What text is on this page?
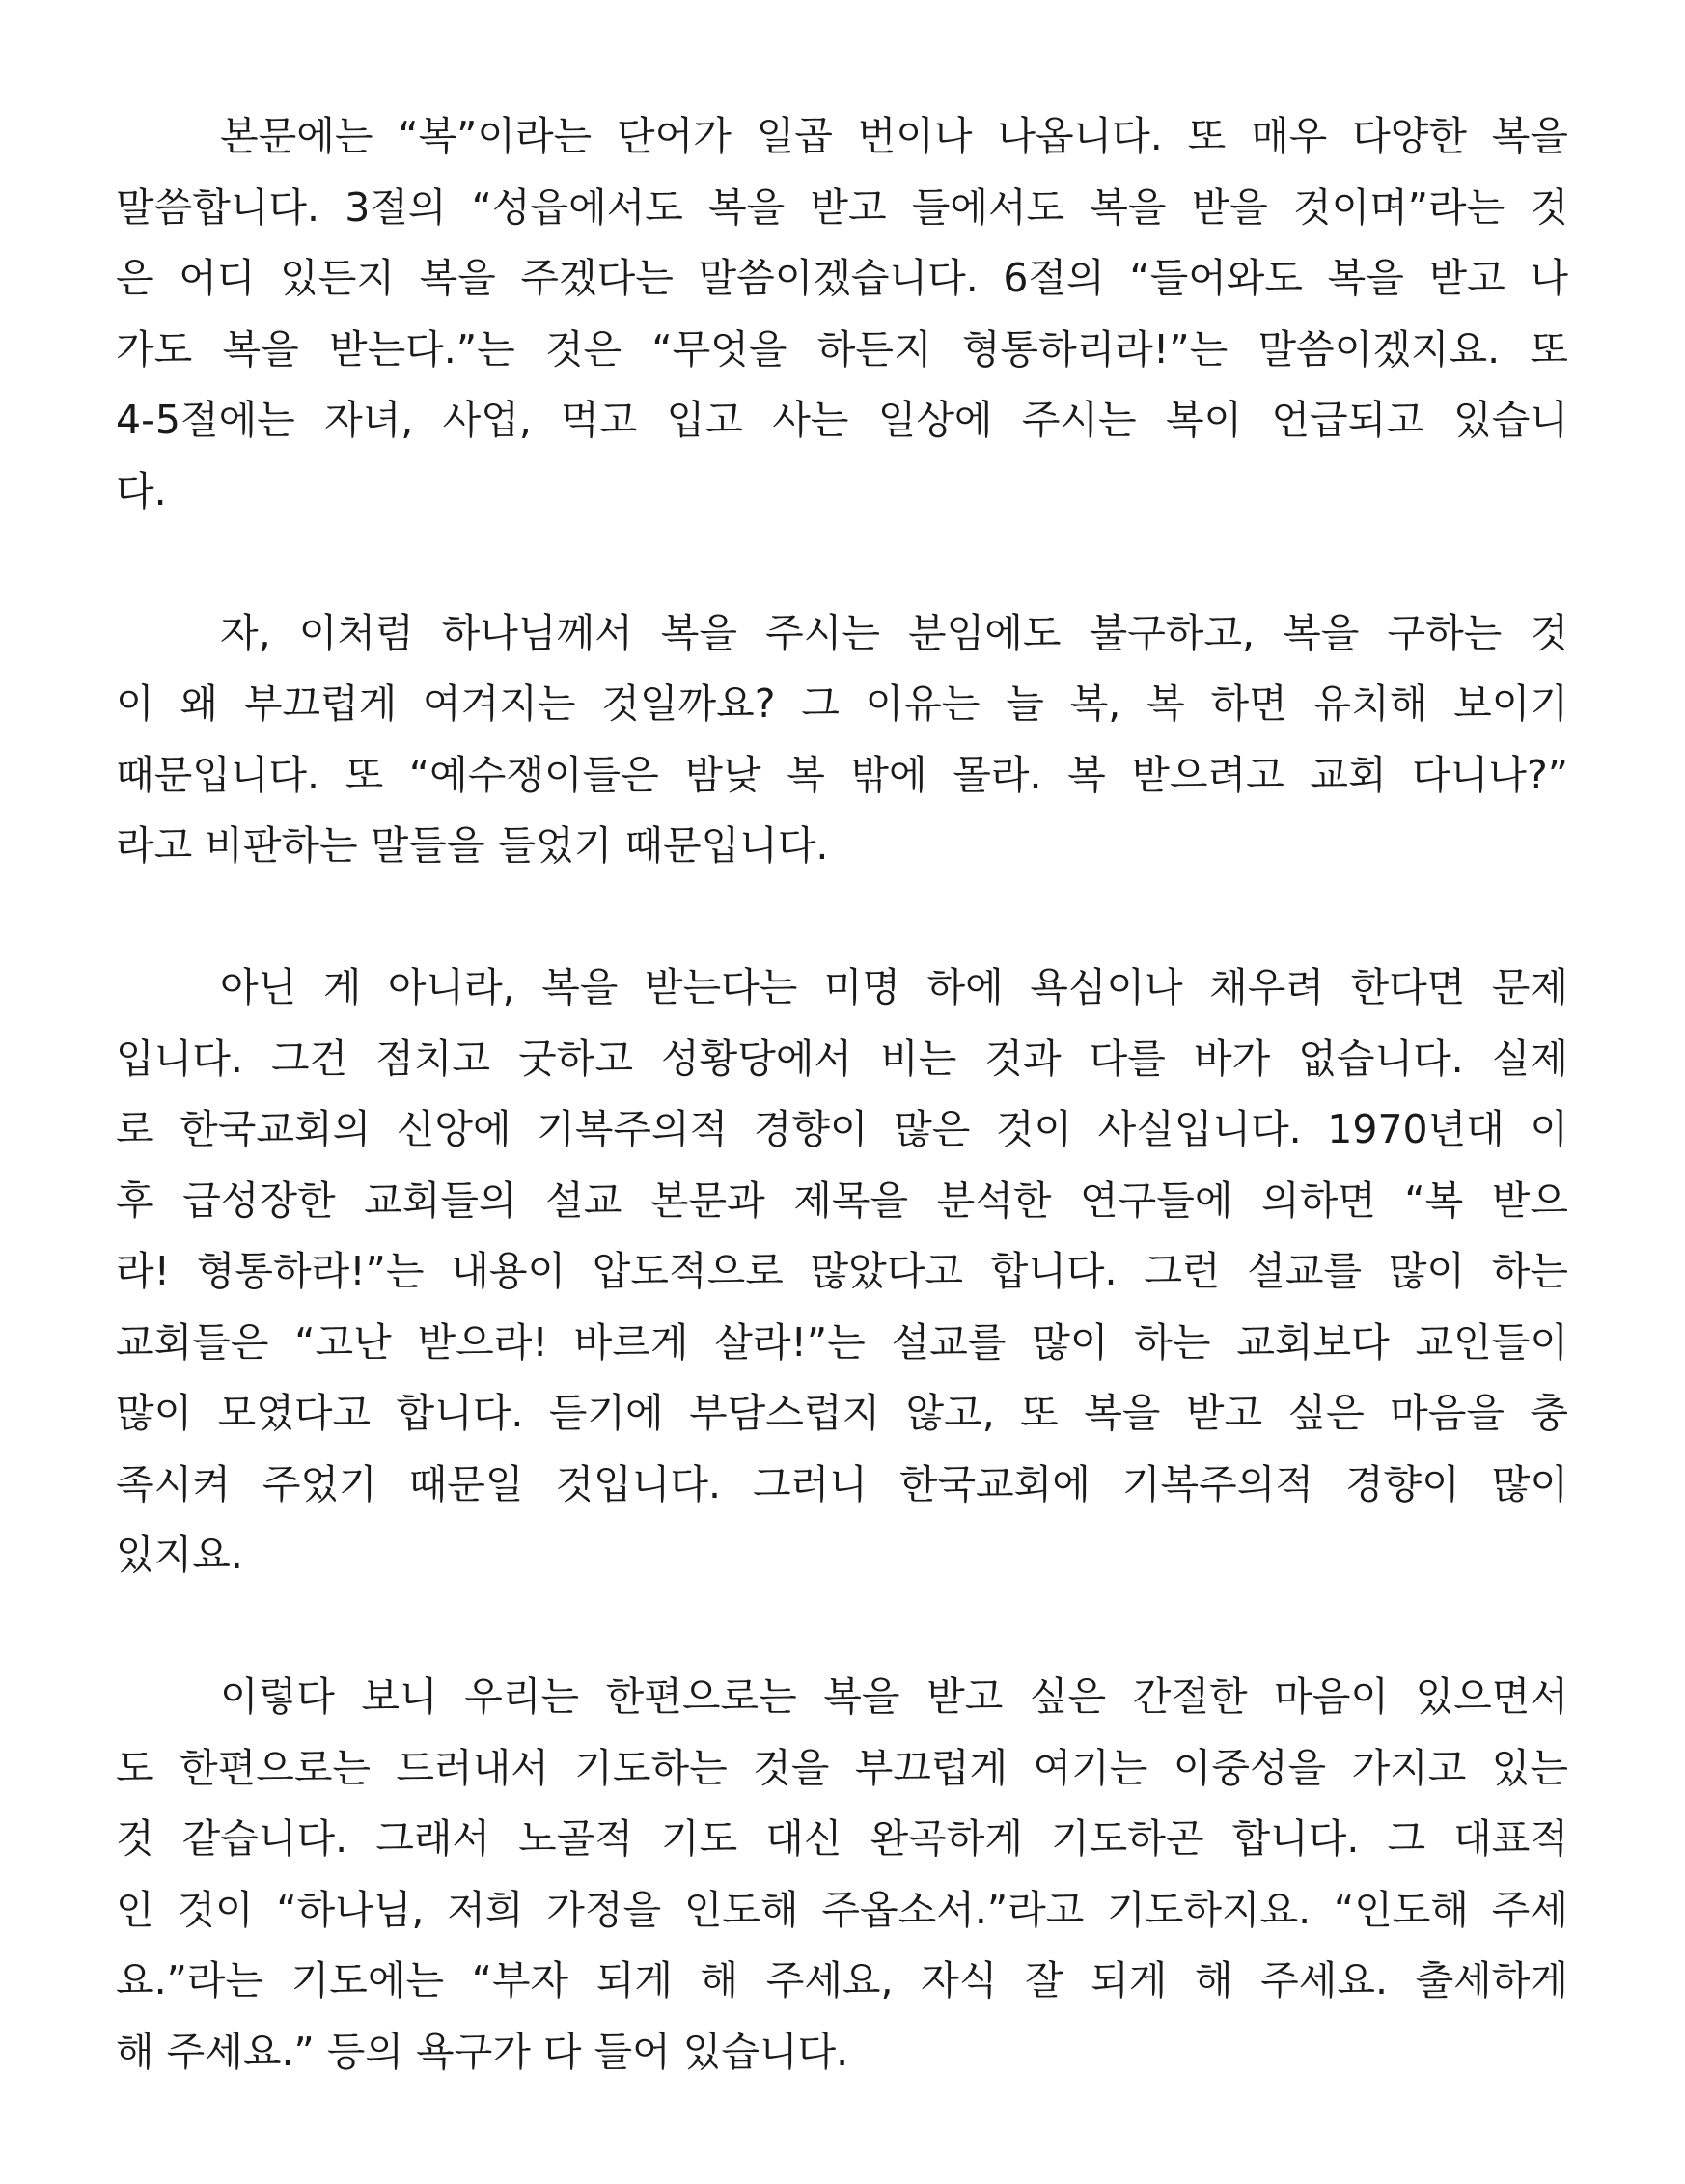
본문에는 “복”이라는 단어가 일곱 번이나 나옵니다. 또 매우 다양한 복을
말씀합니다. 3절의 “성읍에서도 복을 받고 들에서도 복을 받을 것이며”라는 것
은 어디 있든지 복을 주겠다는 말씀이겠습니다. 6절의 “들어와도 복을 받고 나
가도 복을 받는다.”는 것은 “무엇을 하든지 형통하리라!”는 말씀이겠지요. 또
4-5절에는 자녀, 사업, 먹고 입고 사는 일상에 주시는 복이 언급되고 있습니
다.
자, 이처럼 하나님께서 복을 주시는 분임에도 불구하고, 복을 구하는 것
이 왜 부끄럽게 여겨지는 것일까요? 그 이유는 늘 복, 복 하면 유치해 보이기
때문입니다. 또 “예수쟁이들은 밤낮 복 밖에 몰라. 복 받으려고 교회 다니나?”
라고 비판하는 말들을 들었기 때문입니다.
아닌 게 아니라, 복을 받는다는 미명 하에 욕심이나 채우려 한다면 문제
입니다. 그건 점치고 굿하고 성황당에서 비는 것과 다를 바가 없습니다. 실제
로 한국교회의 신앙에 기복주의적 경향이 많은 것이 사실입니다. 1970년대 이
후 급성장한 교회들의 설교 본문과 제목을 분석한 연구들에 의하면 “복 받으
라! 형통하라!”는 내용이 압도적으로 많았다고 합니다. 그런 설교를 많이 하는
교회들은 “고난 받으라! 바르게 살라!”는 설교를 많이 하는 교회보다 교인들이
많이 모였다고 합니다. 듣기에 부담스럽지 않고, 또 복을 받고 싶은 마음을 충
족시켜 주었기 때문일 것입니다. 그러니 한국교회에 기복주의적 경향이 많이
있지요.
이렇다 보니 우리는 한편으로는 복을 받고 싶은 간절한 마음이 있으면서
도 한편으로는 드러내서 기도하는 것을 부끄럽게 여기는 이중성을 가지고 있는
것 같습니다. 그래서 노골적 기도 대신 완곡하게 기도하곤 합니다. 그 대표적
인 것이 “하나님, 저희 가정을 인도해 주옵소서.”라고 기도하지요. “인도해 주세
요.”라는 기도에는 “부자 되게 해 주세요, 자식 잘 되게 해 주세요. 출세하게
해 주세요.” 등의 욕구가 다 들어 있습니다.
